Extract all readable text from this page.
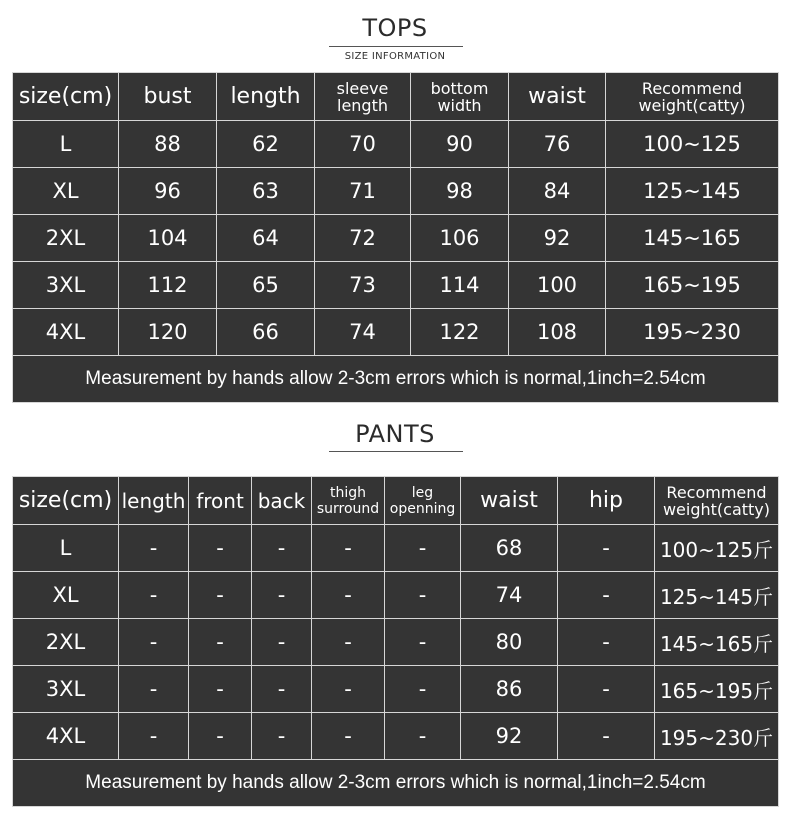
TOPS
SIZE INFORMATION
size(cm)	bust	length	sleeve length	bottom width	waist	Recommend weight(catty)
L	88	62	70	90	76	100~125
XL	96	63	71	98	84	125~145
2XL	104	64	72	106	92	145~165
3XL	112	65	73	114	100	165~195
4XL	120	66	74	122	108	195~230
Measurement by hands allow 2-3cm errors which is normal,1inch=2.54cm						
PANTS
size(cm)	length	front	back	thigh surround	leg openning	waist	hip	Recommend weight(catty)
L	-	-	-	-	-	68	-	100~125斤
XL	-	-	-	-	-	74	-	125~145斤
2XL	-	-	-	-	-	80	-	145~165斤
3XL	-	-	-	-	-	86	-	165~195斤
4XL	-	-	-	-	-	92	-	195~230斤
Measurement by hands allow 2-3cm errors which is normal,1inch=2.54cm								
